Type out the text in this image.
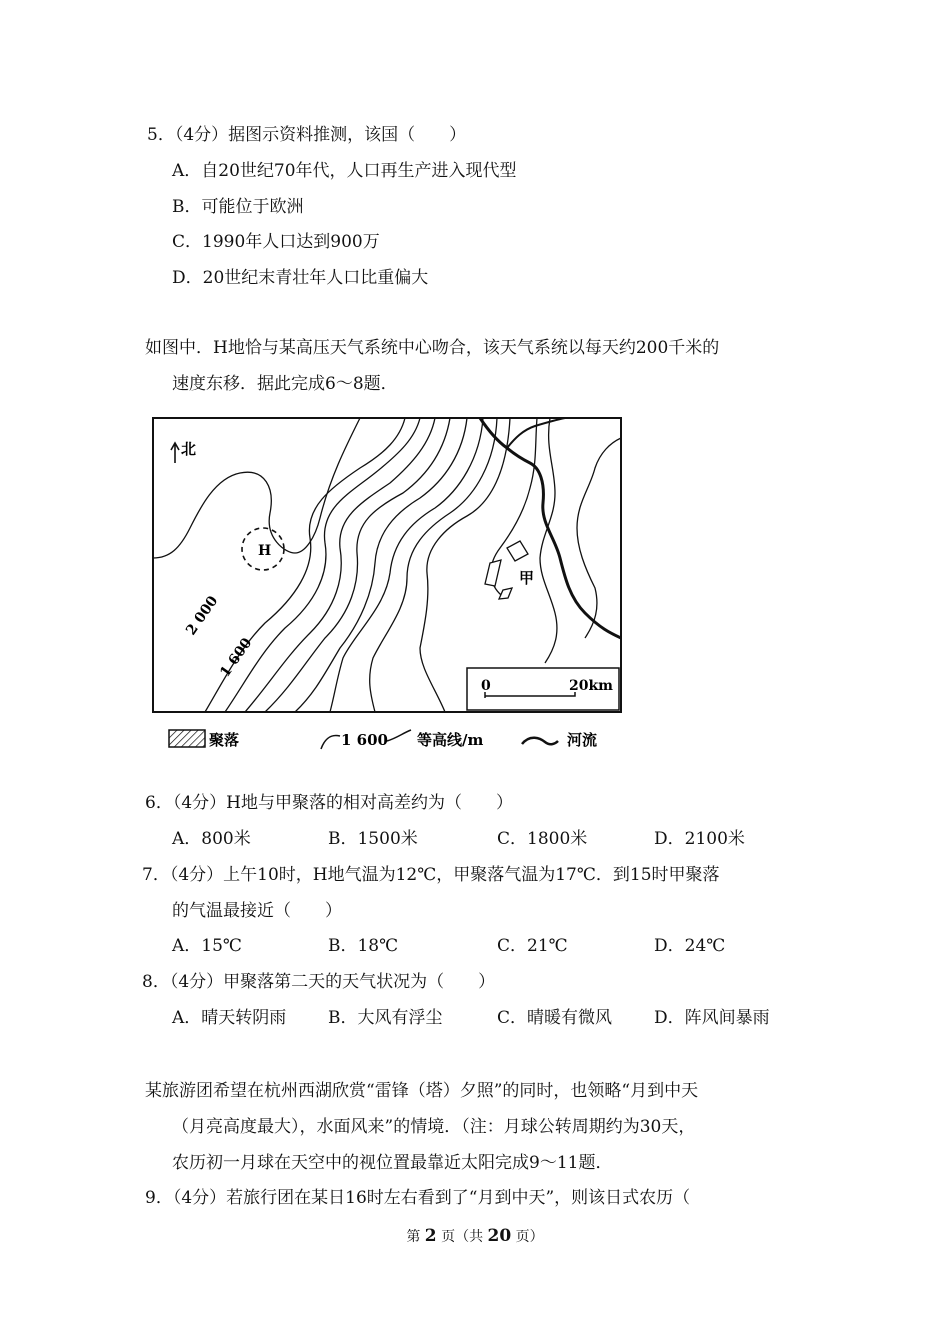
5．（4分）据图示资料推测，该国（　　）
A．自20世纪70年代，人口再生产进入现代型
B．可能位于欧洲
C．1990年人口达到900万
D．20世纪末青壮年人口比重偏大
如图中．H地恰与某高压天气系统中心吻合，该天气系统以每天约200千米的
速度东移．据此完成6～8题．
H
北
2 000
1 600
甲
0	20km
聚落	1 600 等高线/m	河流
6．（4分）H地与甲聚落的相对高差约为（　　）
A．800米	B．1500米	C．1800米	D．2100米
7．（4分）上午10时，H地气温为12℃，甲聚落气温为17℃．到15时甲聚落
的气温最接近（　　）
A．15℃	B．18℃	C．21℃	D．24℃
8．（4分）甲聚落第二天的天气状况为（　　）
A．晴天转阴雨 B．大风有浮尘	C．晴暖有微风 D．阵风间暴雨
某旅游团希望在杭州西湖欣赏“雷锋（塔）夕照”的同时，也领略“月到中天
（月亮高度最大），水面风来”的情境．（注：月球公转周期约为30天，
农历初一月球在天空中的视位置最靠近太阳完成9～11题．
9．（4分）若旅行团在某日16时左右看到了“月到中天”，则该日式农历（
第 2 页（共 20 页）
